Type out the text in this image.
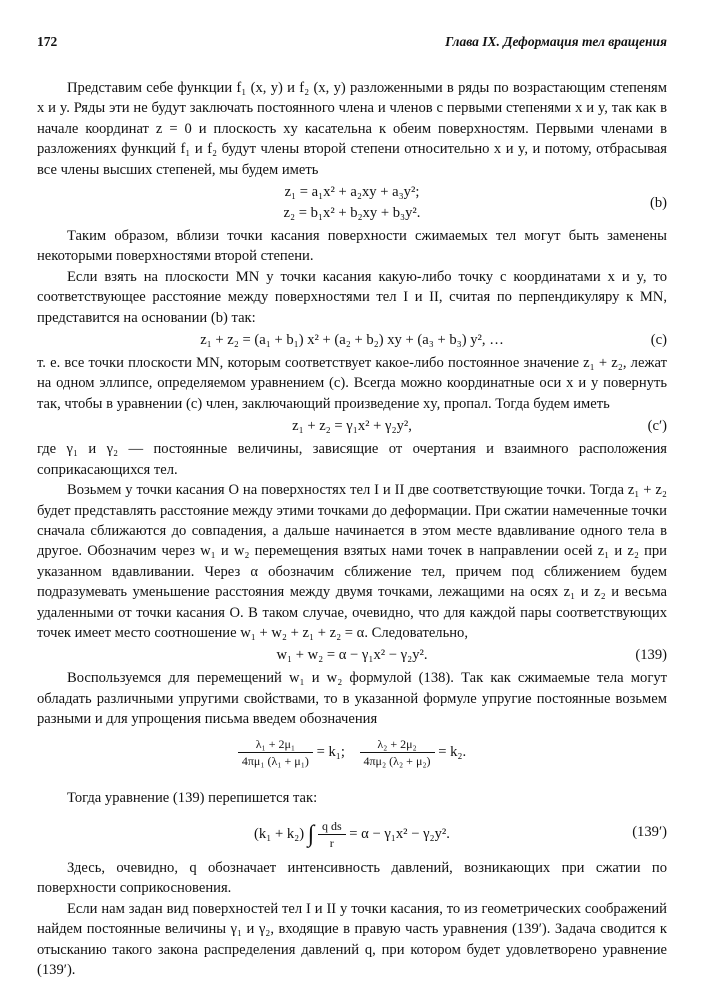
172	Глава IX. Деформация тел вращения

Представим себе функции f₁ (x, y) и f₂ (x, y) разложенными в ряды по возрастающим степеням x и y. Ряды эти не будут заключать постоянного члена и членов с первыми степенями x и y, так как в начале координат z = 0 и плоскость xy касательна к обеим поверхностям. Первыми членами в разложениях функций f₁ и f₂ будут члены второй степени относительно x и y, и потому, отбрасывая все члены высших степеней, мы будем иметь

z₁ = a₁x² + a₂xy + a₃y²;
z₂ = b₁x² + b₂xy + b₃y².
(b)

Таким образом, вблизи точки касания поверхности сжимаемых тел могут быть заменены некоторыми поверхностями второй степени.

Если взять на плоскости MN у точки касания какую-либо точку с координатами x и y, то соответствующее расстояние между поверхностями тел I и II, считая по перпендикуляру к MN, представится на основании (b) так:

z₁ + z₂ = (a₁ + b₁) x² + (a₂ + b₂) xy + (a₃ + b₃) y², …	(c)

т. е. все точки плоскости MN, которым соответствует какое-либо постоянное значение z₁ + z₂, лежат на одном эллипсе, определяемом уравнением (c). Всегда можно координатные оси x и y повернуть так, чтобы в уравнении (c) член, заключающий произведение xy, пропал. Тогда будем иметь

z₁ + z₂ = γ₁x² + γ₂y²,	(c′)

где γ₁ и γ₂ — постоянные величины, зависящие от очертания и взаимного расположения соприкасающихся тел.

Возьмем у точки касания O на поверхностях тел I и II две соответствующие точки. Тогда z₁ + z₂ будет представлять расстояние между этими точками до деформации. При сжатии намеченные точки сначала сближаются до совпадения, а дальше начинается в этом месте вдавливание одного тела в другое. Обозначим через w₁ и w₂ перемещения взятых нами точек в направлении осей z₁ и z₂ при указанном вдавливании. Через α обозначим сближение тел, причем под сближением будем подразумевать уменьшение расстояния между двумя точками, лежащими на осях z₁ и z₂ и весьма удаленными от точки касания O. В таком случае, очевидно, что для каждой пары соответствующих точек имеет место соотношение w₁ + w₂ + z₁ + z₂ = α. Следовательно,

w₁ + w₂ = α − γ₁x² − γ₂y².	(139)

Воспользуемся для перемещений w₁ и w₂ формулой (138). Так как сжимаемые тела могут обладать различными упругими свойствами, то в указанной формуле упругие постоянные возьмем разными и для упрощения письма введем обозначения

$\frac{\text{λ₁ + 2μ₁}}{\text{4πμ₁ (λ₁ + μ₁)}} = k_1$; $\frac{\text{λ₂ + 2μ₂}}{\text{4πμ₂ (λ₂ + μ₂)}} = k_2$.

Тогда уравнение (139) перепишется так:

(k₁ + k₂) ∫ $\frac{\text{q ds}}{r} = \alpha - \gamma_1x^2 - \gamma_2y^2$.	(139′)

Здесь, очевидно, q обозначает интенсивность давлений, возникающих при сжатии по поверхности соприкосновения.

Если нам задан вид поверхностей тел I и II у точки касания, то из геометрических соображений найдем постоянные величины γ₁ и γ₂, входящие в правую часть уравнения (139′). Задача сводится к отысканию такого закона распределения давлений q, при котором будет удовлетворено уравнение (139′).
